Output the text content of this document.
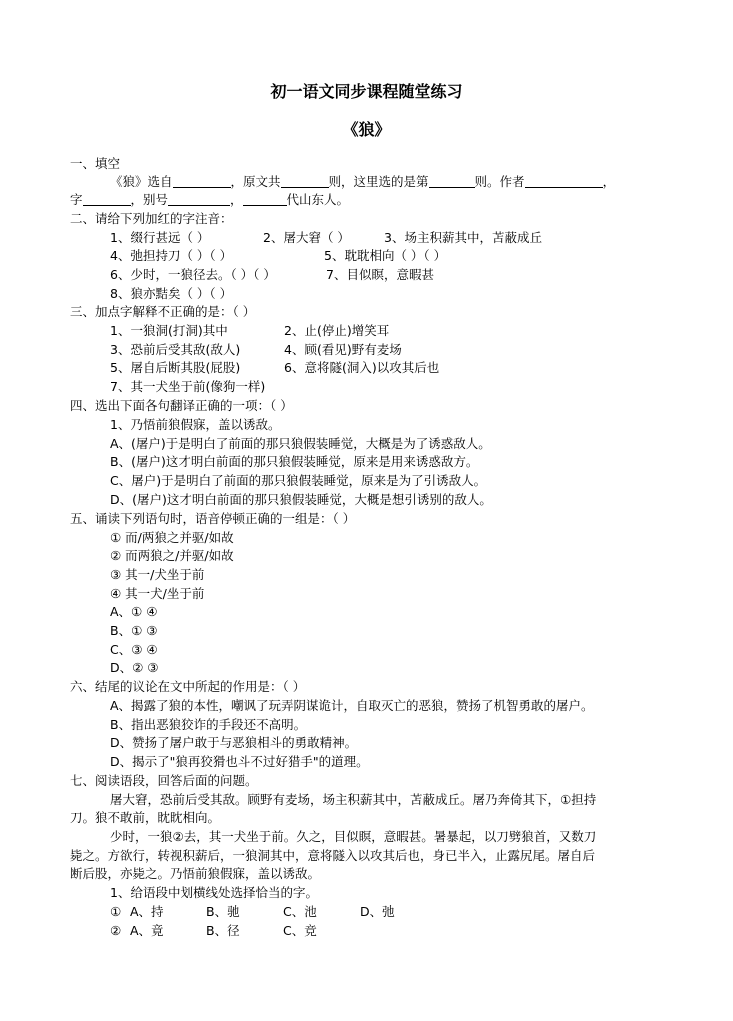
初一语文同步课程随堂练习
《狼》
一、填空
《狼》选自	，原文共	则，这里选的是第	则。作者	，
字	，别号	，	代山东人。
二、请给下列加红的字注音：
1、缀行甚远（ ）	2、屠大窘（ ）	3、场主积薪其中，苫蔽成丘
4、弛担持刀（ ）（ ）	5、耽耽相向（ ）（ ）
6、少时，一狼径去。（ ）（ ）	7、目似瞑，意暇甚
8、狼亦黠矣（ ）（ ）
三、加点字解释不正确的是：（ ）
1、一狼洞(打洞)其中	2、止(停止)增笑耳
3、恐前后受其敌(敌人)	4、顾(看见)野有麦场
5、屠自后断其股(屁股)	6、意将隧(洞入)以攻其后也
7、其一犬坐于前(像狗一样)
四、选出下面各句翻译正确的一项：（ ）
1、乃悟前狼假寐，盖以诱敌。
A、(屠户)于是明白了前面的那只狼假装睡觉，大概是为了诱惑敌人。
B、(屠户)这才明白前面的那只狼假装睡觉，原来是用来诱惑敌方。
C、屠户)于是明白了前面的那只狼假装睡觉，原来是为了引诱敌人。
D、(屠户)这才明白前面的那只狼假装睡觉，大概是想引诱别的敌人。
五、诵读下列语句时，语音停顿正确的一组是：（ ）
① 而/两狼之并驱/如故
② 而两狼之/并驱/如故
③ 其一/犬坐于前
④ 其一犬/坐于前
A、① ④
B、① ③
C、③ ④
D、② ③
六、结尾的议论在文中所起的作用是：（ ）
A、揭露了狼的本性，嘲讽了玩弄阴谋诡计，自取灭亡的恶狼，赞扬了机智勇敢的屠户。
B、指出恶狼狡诈的手段还不高明。
D、赞扬了屠户敢于与恶狼相斗的勇敢精神。
D、揭示了"狼再狡猾也斗不过好猎手"的道理。
七、阅读语段，回答后面的问题。
屠大窘，恐前后受其敌。顾野有麦场，场主积薪其中，苫蔽成丘。屠乃奔倚其下，①担持
刀。狼不敢前，眈眈相向。
少时，一狼②去，其一犬坐于前。久之，目似瞑，意暇甚。暑暴起，以刀劈狼首，又数刀
毙之。方欲行，转视积薪后，一狼洞其中，意将隧入以攻其后也，身已半入，止露尻尾。屠自后
断后股，亦毙之。乃悟前狼假寐，盖以诱敌。
1、给语段中划横线处选择恰当的字。
① A、持	B、驰	C、池	D、弛
② A、竟	B、径	C、竞
